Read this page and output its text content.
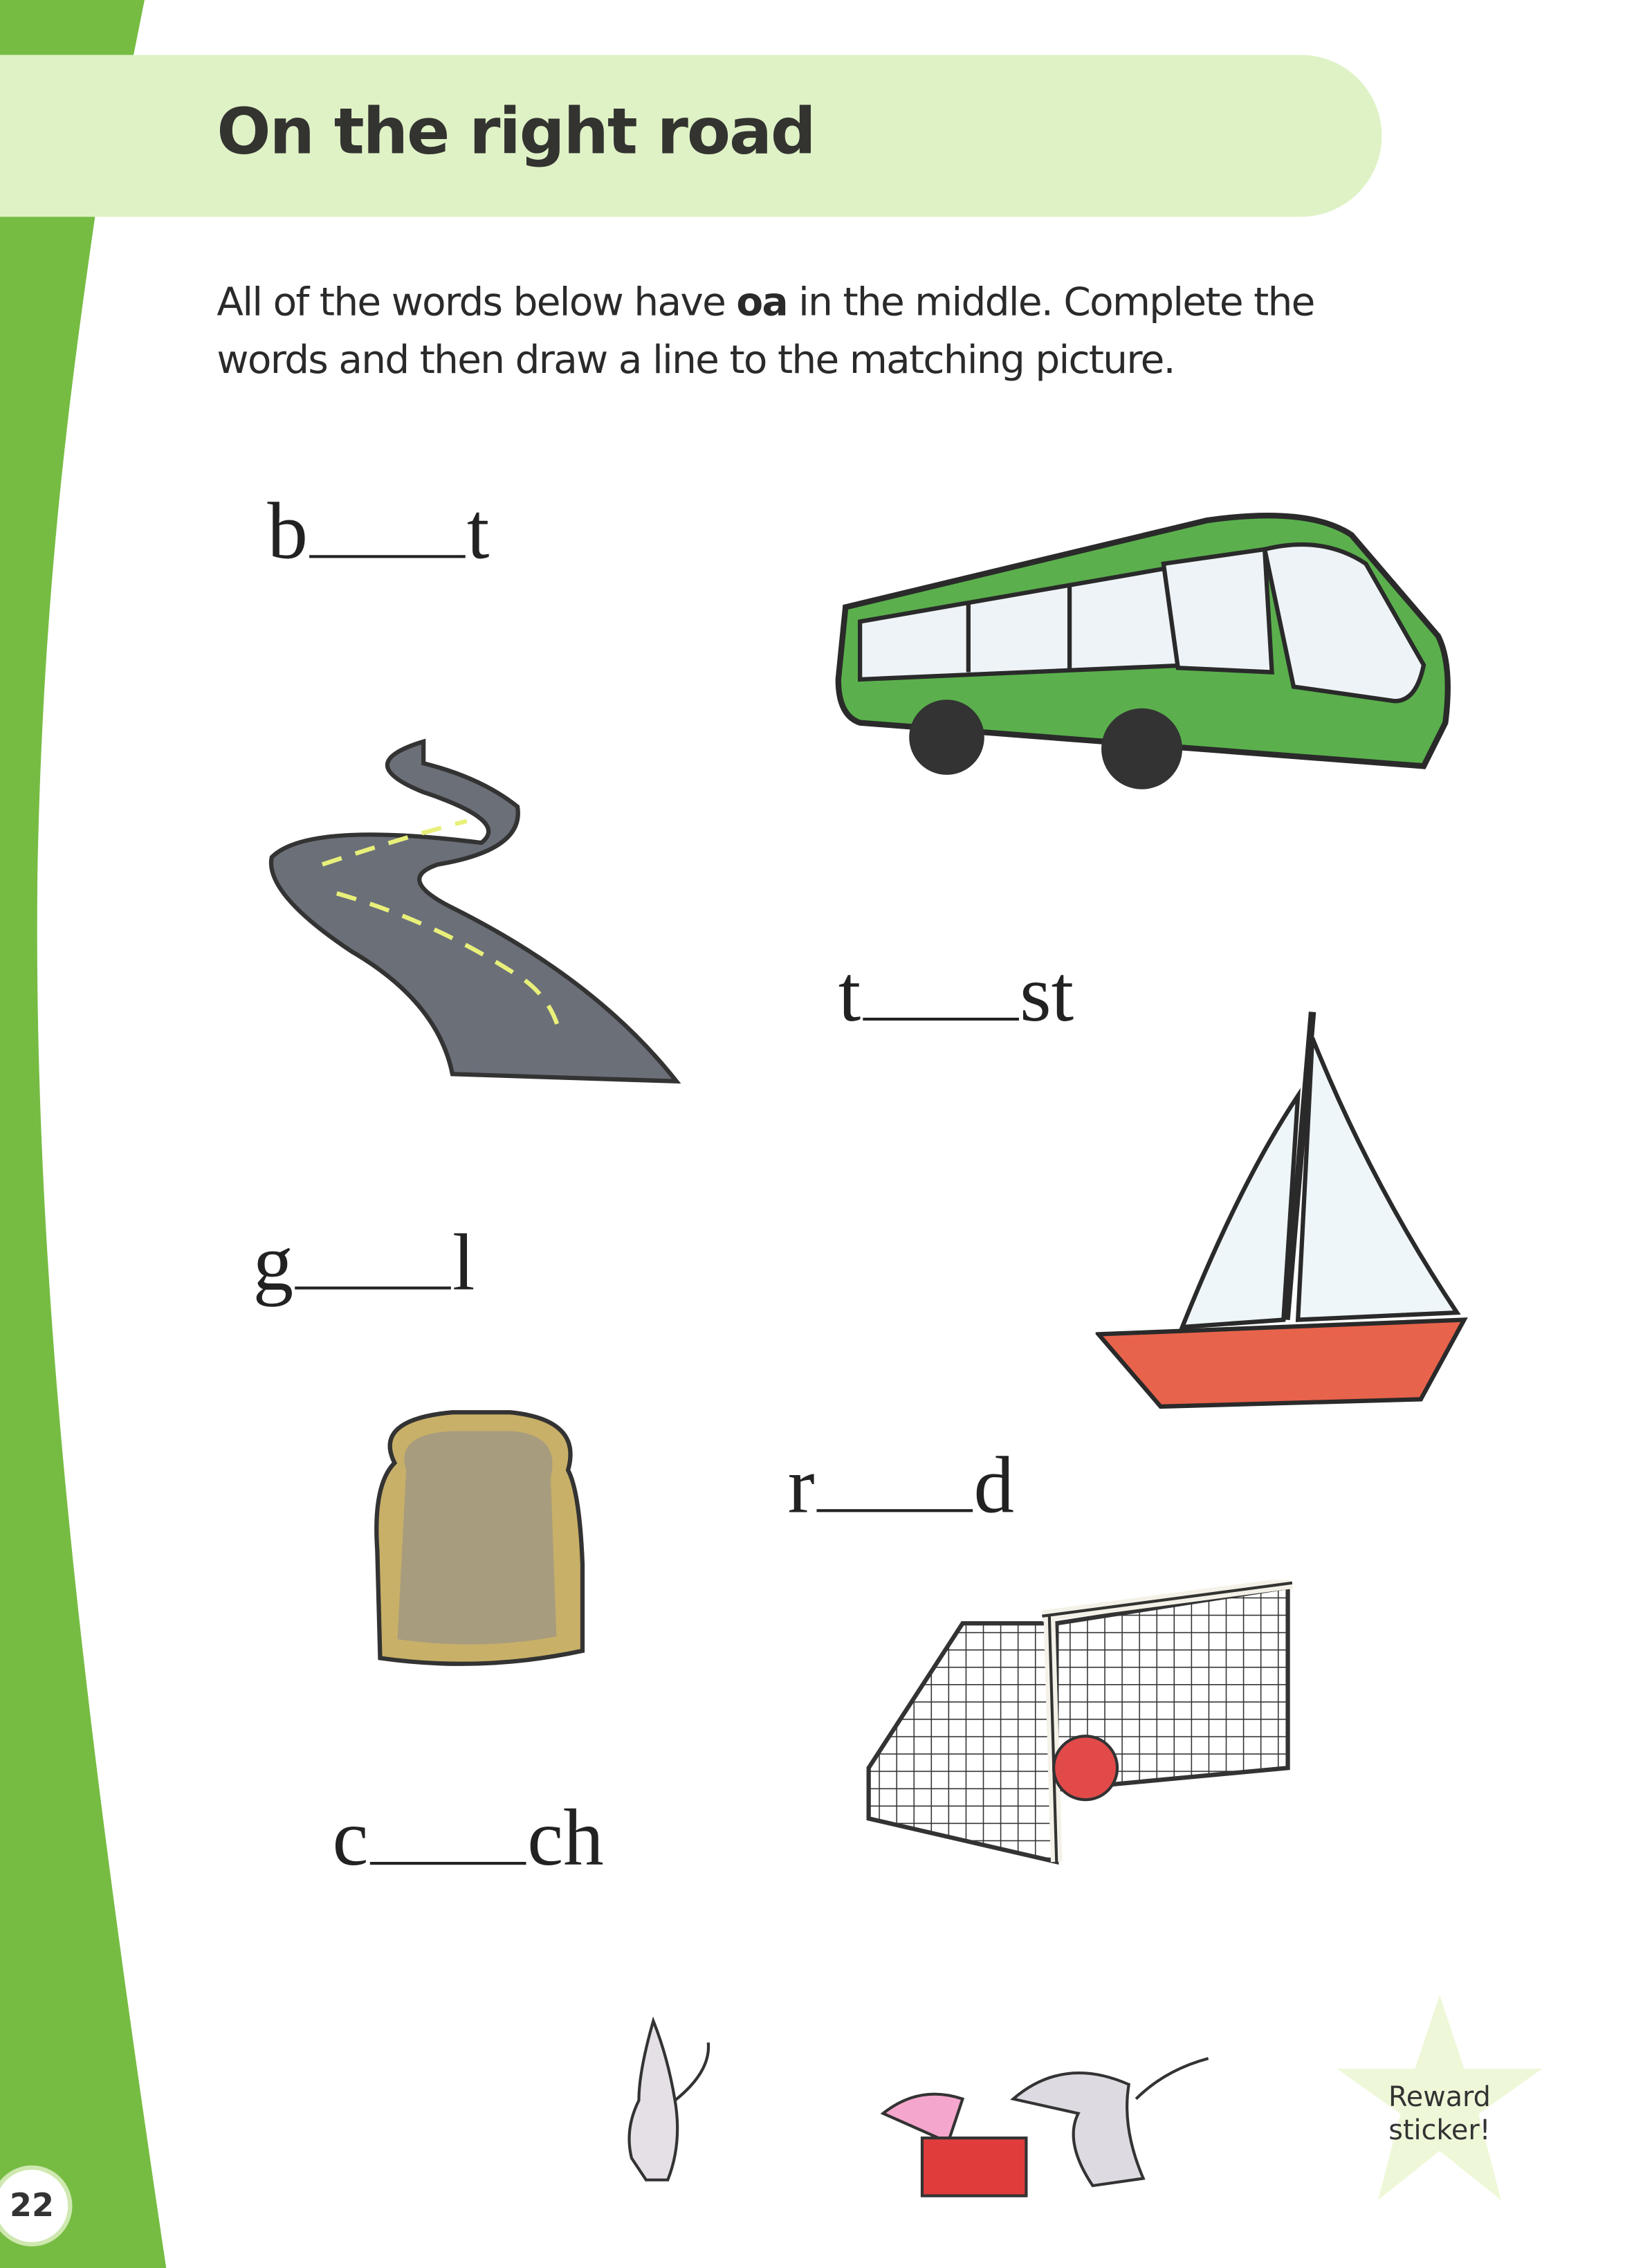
On the right road
All of the words below have oa in the middle. Complete the words and then draw a line to the matching picture.
b	t
t	st
g	l
r	d
c	ch
Reward sticker!
22
